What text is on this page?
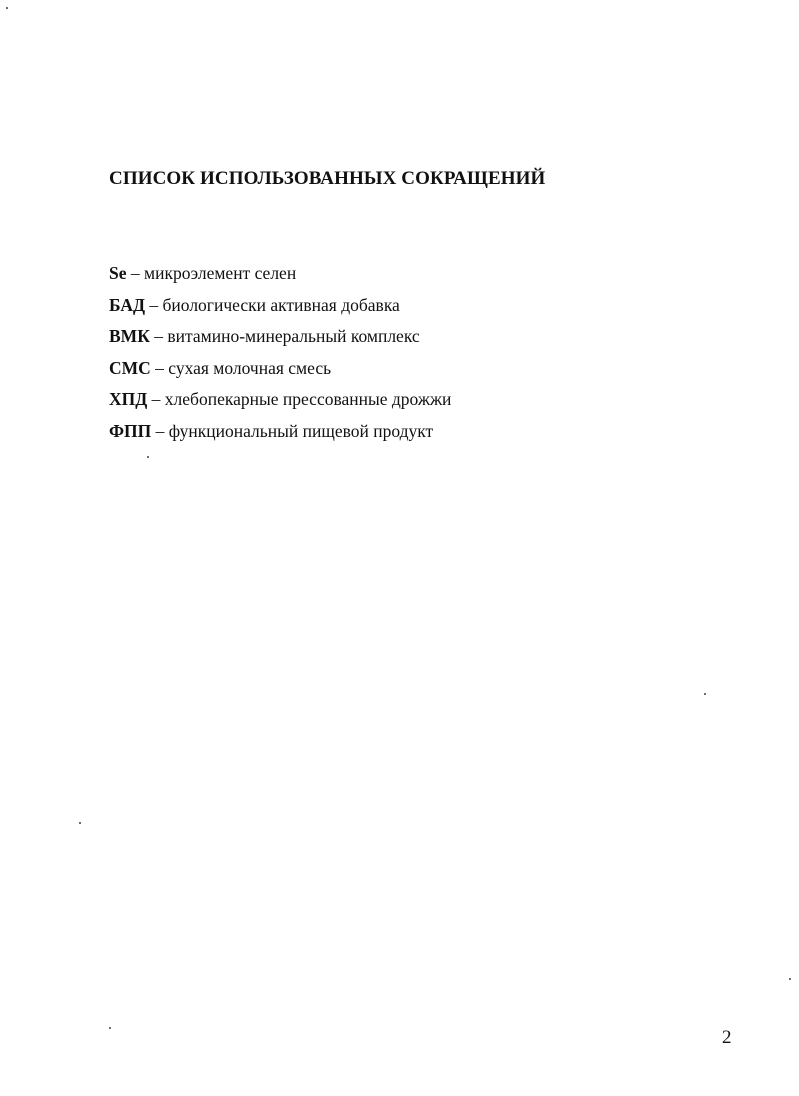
СПИСОК ИСПОЛЬЗОВАННЫХ СОКРАЩЕНИЙ
Se – микроэлемент селен
БАД – биологически активная добавка
ВМК – витамино-минеральный комплекс
СМС – сухая молочная смесь
ХПД – хлебопекарные прессованные дрожжи
ФПП – функциональный пищевой продукт
2
